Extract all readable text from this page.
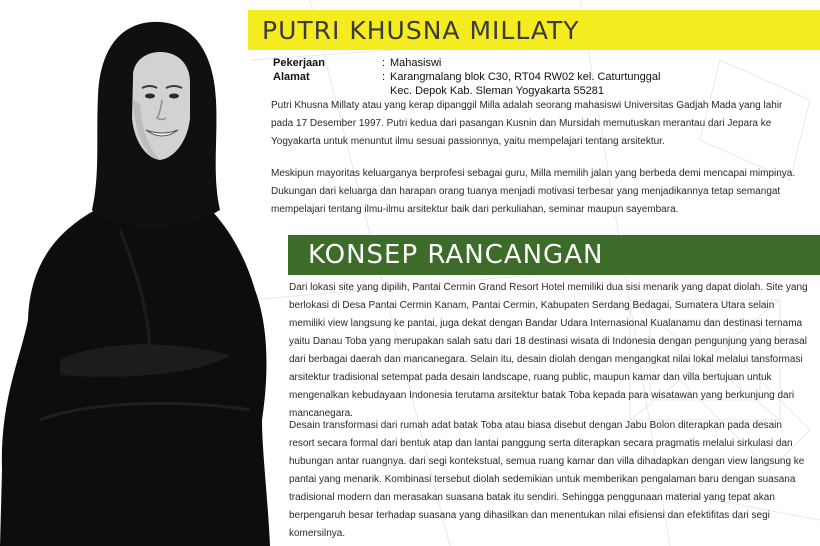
PUTRI KHUSNA MILLATY
Pekerjaan	: Mahasiswi
Alamat	: Karangmalang blok C30, RT04 RW02 kel. Caturtunggal
Kec. Depok Kab. Sleman Yogyakarta 55281

Putri Khusna Millaty atau yang kerap dipanggil Milla adalah seorang mahasiswi Universitas Gadjah Mada yang lahir pada 17 Desember 1997. Putri kedua dari pasangan Kusnin dan Mursidah memutuskan merantau dari Jepara ke Yogyakarta untuk menuntut ilmu sesuai passionnya, yaitu mempelajari tentang arsitektur.

Meskipun mayoritas keluarganya berprofesi sebagai guru, Milla memilih jalan yang berbeda demi mencapai mimpinya. Dukungan dari keluarga dan harapan orang tuanya menjadi motivasi terbesar yang menjadikannya tetap semangat mempelajari tentang ilmu-ilmu arsitektur baik dari perkuliahan, seminar maupun sayembara.

KONSEP RANCANGAN

Dari lokasi site yang dipilih, Pantai Cermin Grand Resort Hotel memiliki dua sisi menarik yang dapat diolah. Site yang berlokasi di Desa Pantai Cermin Kanam, Pantai Cermin, Kabupaten Serdang Bedagai, Sumatera Utara selain memiliki view langsung ke pantai, juga dekat dengan Bandar Udara Internasional Kualanamu dan destinasi ternama yaitu Danau Toba yang merupakan salah satu dari 18 destinasi wisata di Indonesia dengan pengunjung yang berasal dari berbagai daerah dan mancanegara. Selain itu, desain diolah dengan mengangkat nilai lokal melalui tansformasi arsitektur tradisional setempat pada desain landscape, ruang public, maupun kamar dan villa bertujuan untuk mengenalkan kebudayaan Indonesia terutama arsitektur batak Toba kepada para wisatawan yang berkunjung dari mancanegara.

Desain transformasi dari rumah adat batak Toba atau biasa disebut dengan Jabu Bolon diterapkan pada desain resort secara formal dari bentuk atap dan lantai panggung serta diterapkan secara pragmatis melalui sirkulasi dan hubungan antar ruangnya. dari segi kontekstual, semua ruang kamar dan villa dihadapkan dengan view langsung ke pantai yang menarik. Kombinasi tersebut diolah sedemikian untuk memberikan pengalaman baru dengan suasana tradisional modern dan merasakan suasana batak itu sendiri. Sehingga penggunaan material yang tepat akan berpengaruh besar terhadap suasana yang dihasilkan dan menentukan nilai efisiensi dan efektifitas dari segi komersilnya.
